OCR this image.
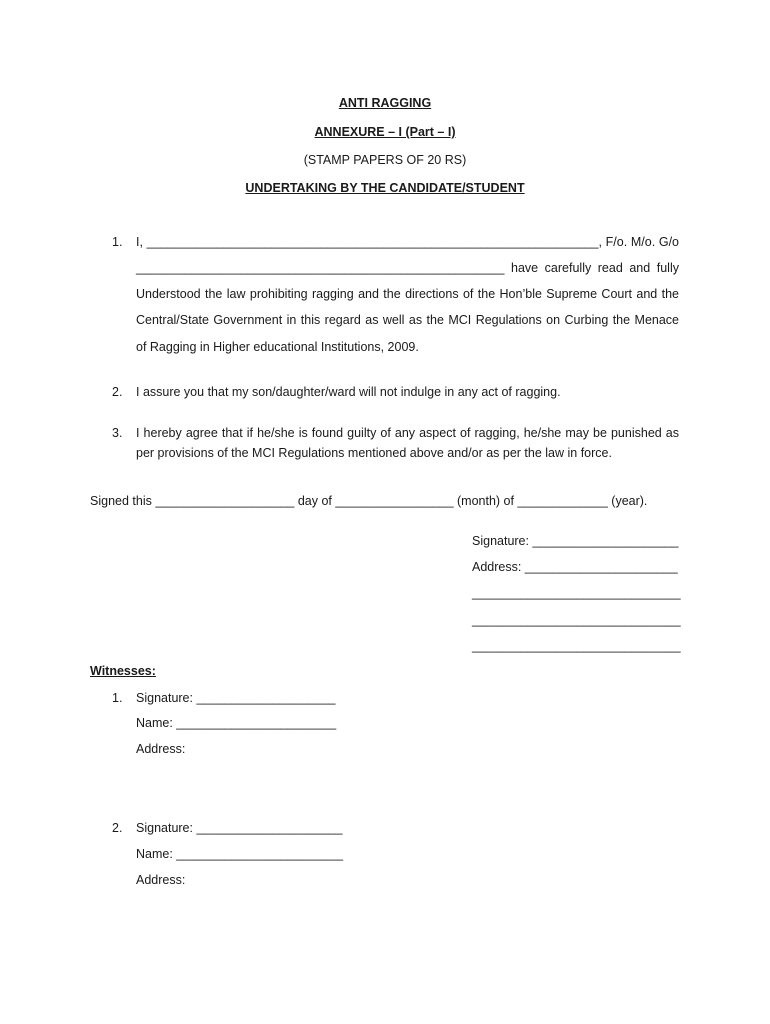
ANTI RAGGING
ANNEXURE – I (Part – I)
(STAMP PAPERS OF 20 RS)
UNDERTAKING BY THE CANDIDATE/STUDENT
1.	I, _________________________________________________________________, F/o. M/o. G/o
_____________________________________________________ have carefully read and fully
Understood the law prohibiting ragging and the directions of the Hon’ble Supreme Court and the
Central/State Government in this regard as well as the MCI Regulations on Curbing the Menace
of Ragging in Higher educational Institutions, 2009.
2.	I assure you that my son/daughter/ward will not indulge in any act of ragging.
3.	I hereby agree that if he/she is found guilty of any aspect of ragging, he/she may be punished as
per provisions of the MCI Regulations mentioned above and/or as per the law in force.
Signed this ____________________ day of _________________ (month) of _____________ (year).
Signature: _____________________
Address: ______________________
______________________________
______________________________
______________________________
Witnesses:
1.	Signature: ____________________
Name: _______________________
Address:
2.	Signature: _____________________
Name: ________________________
Address:
